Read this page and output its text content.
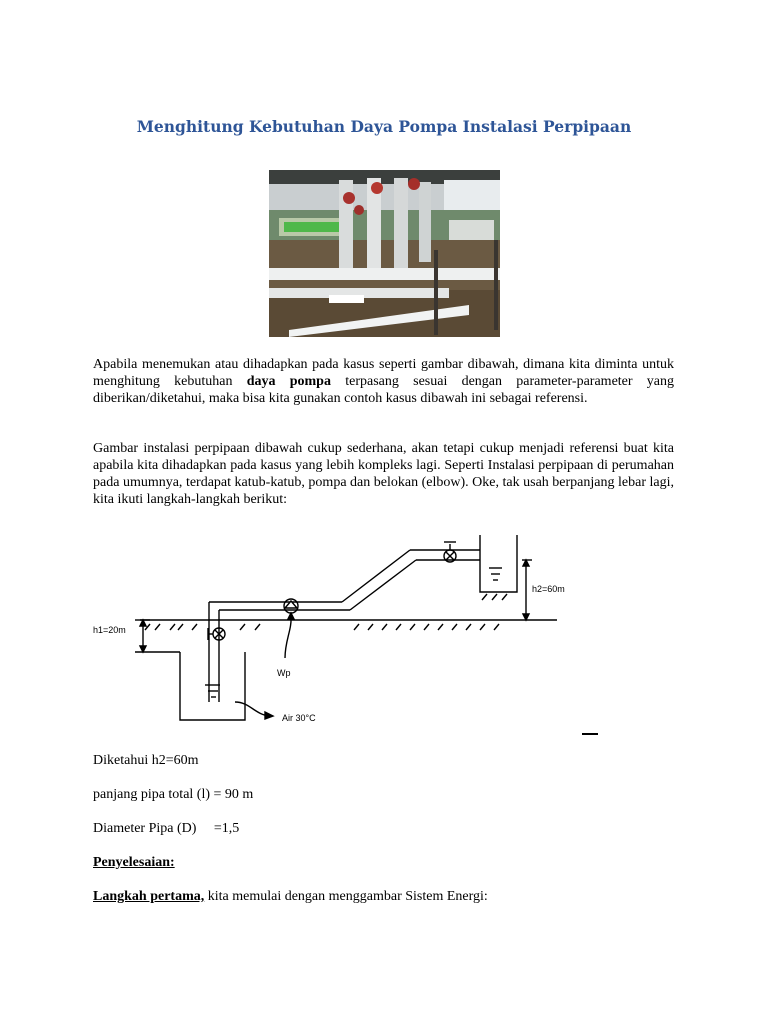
Menghitung Kebutuhan Daya Pompa Instalasi Perpipaan
Apabila menemukan atau dihadapkan pada kasus seperti gambar dibawah, dimana kita diminta untuk menghitung kebutuhan daya pompa terpasang sesuai dengan parameter-parameter yang diberikan/diketahui, maka bisa kita gunakan contoh kasus dibawah ini sebagai referensi.
Gambar instalasi perpipaan dibawah cukup sederhana, akan tetapi cukup menjadi referensi buat kita apabila kita dihadapkan pada kasus yang lebih kompleks lagi. Seperti Instalasi perpipaan di perumahan pada umumnya, terdapat katub-katub, pompa dan belokan (elbow). Oke, tak usah berpanjang lebar lagi, kita ikuti langkah-langkah berikut:
h1=20m
h2=60m
Wp
Air 30°C
Diketahui h2=60m
panjang pipa total (l) = 90 m
Diameter Pipa (D)     =1,5
Penyelesaian:
Langkah pertama, kita memulai dengan menggambar Sistem Energi:
